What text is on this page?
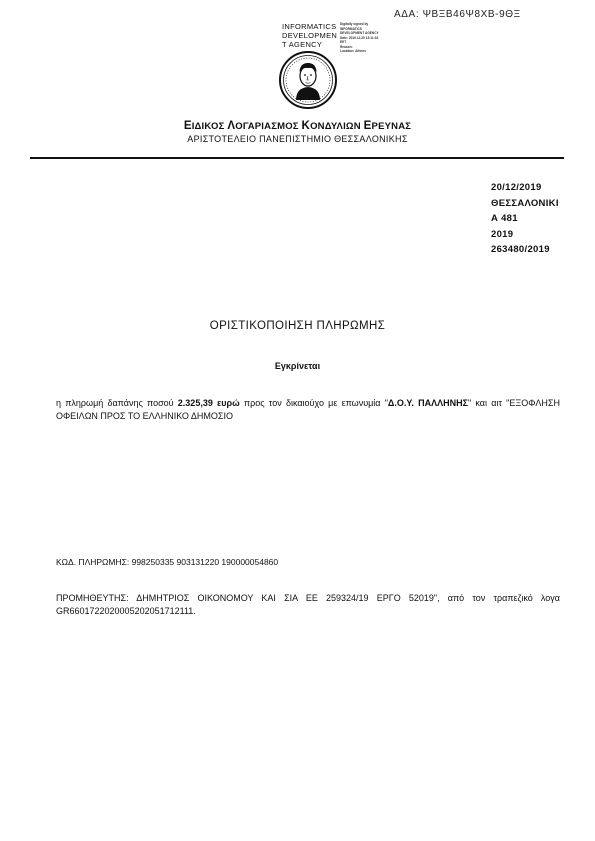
ΑΔΑ: ΨΒΞΒ46Ψ8ΧΒ-9ΘΞ
INFORMATICS
DEVELOPMEN
T AGENCY
Digitally signed by
INFORMATICS
DEVELOPMENT AGENCY
Date: 2019.12.20 13:11:18
EET
Reason:
Location: Athens
ΕΙΔΙΚΟΣ ΛΟΓΑΡΙΑΣΜΟΣ ΚΟΝΔΥΛΙΩΝ ΕΡΕΥΝΑΣ
ΑΡΙΣΤΟΤΕΛΕΙΟ ΠΑΝΕΠΙΣΤΗΜΙΟ ΘΕΣΣΑΛΟΝΙΚΗΣ
20/12/2019
ΘΕΣΣΑΛΟΝΙΚΙ
Α 481
2019
263480/2019
ΟΡΙΣΤΙΚΟΠΟΙΗΣΗ ΠΛΗΡΩΜΗΣ
Εγκρίνεται
η πληρωμή δαπάνης ποσού 2.325,39 ευρώ προς τον δικαιούχο με επωνυμία "Δ.Ο.Υ. ΠΑΛΛΗΝΗΣ" και αιτ "ΕΞΟΦΛΗΣΗ ΟΦΕΙΛΩΝ ΠΡΟΣ ΤΟ ΕΛΛΗΝΙΚΟ ΔΗΜΟΣΙΟ
ΚΩΔ. ΠΛΗΡΩΜΗΣ: 998250335 903131220 190000054860
ΠΡΟΜΗΘΕΥΤΗΣ: ΔΗΜΗΤΡΙΟΣ ΟΙΚΟΝΟΜΟΥ ΚΑΙ ΣΙΑ ΕΕ 259324/19 ΕΡΓΟ 52019", από τον τραπεζικό λογα GR6601722020005202051712111.
